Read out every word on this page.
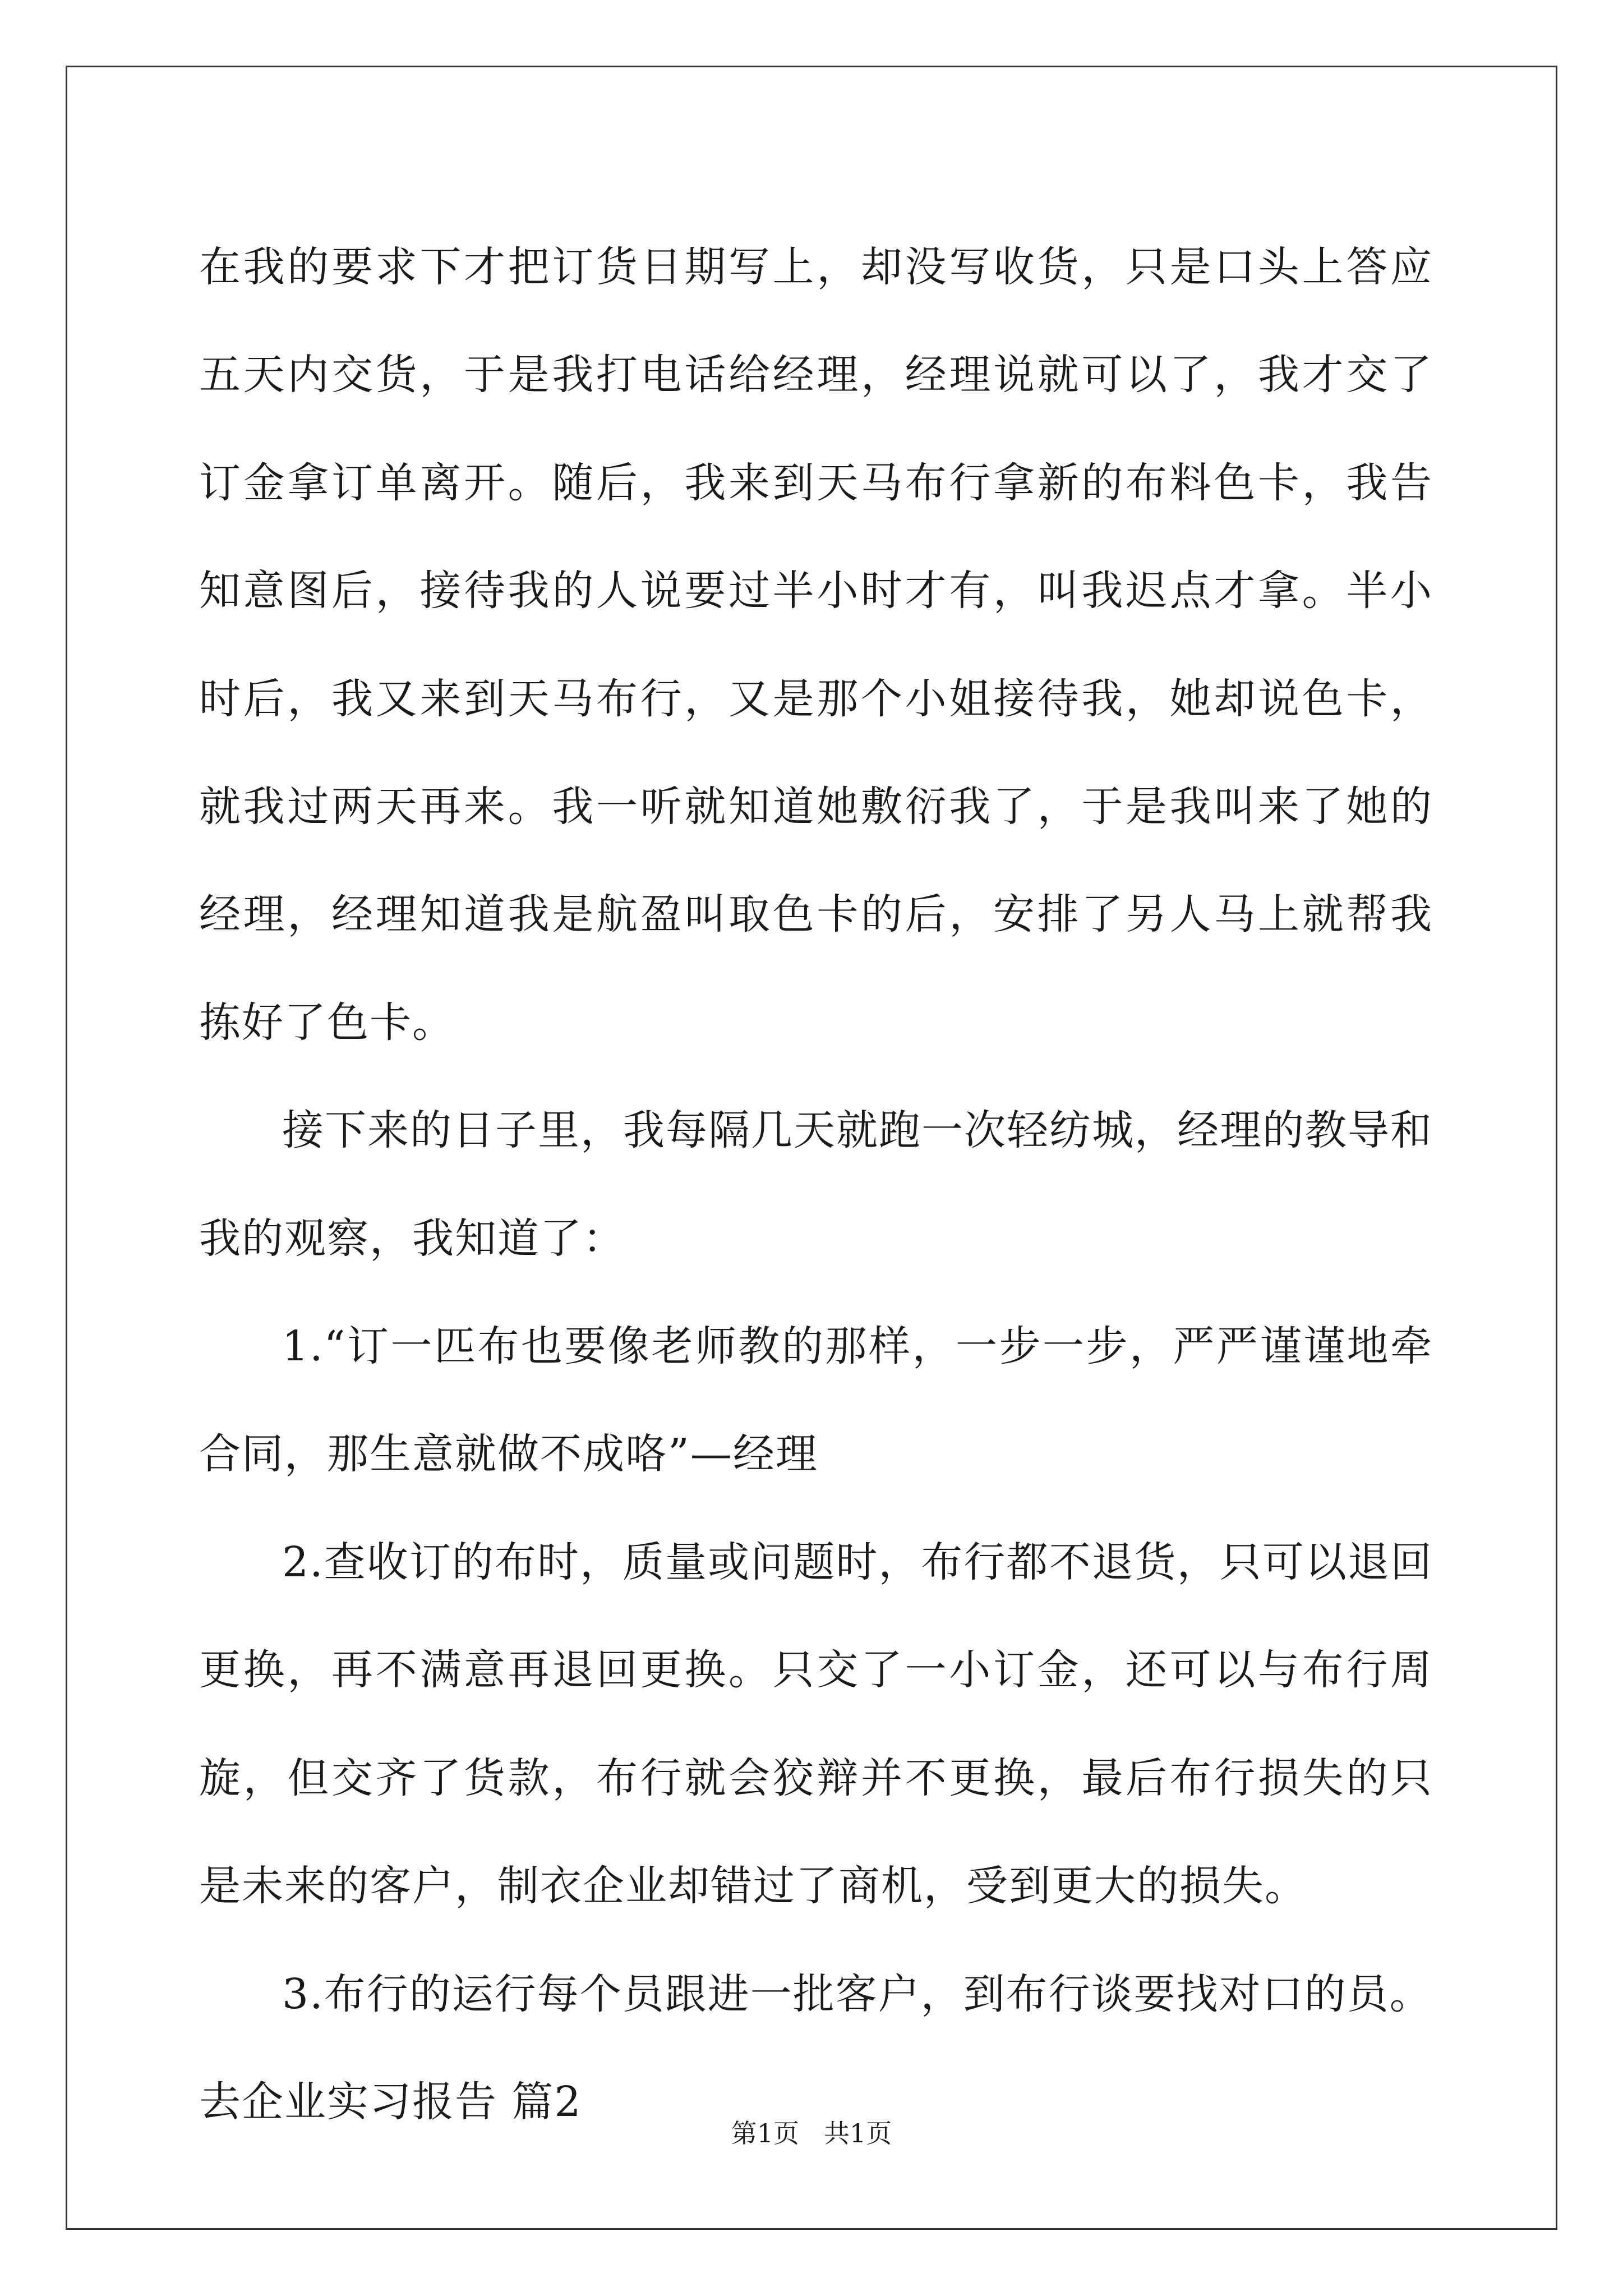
在我的要求下才把订货日期写上，却没写收货，只是口头上答应五天内交货，于是我打电话给经理，经理说就可以了，我才交了订金拿订单离开。随后，我来到天马布行拿新的布料色卡，我告知意图后，接待我的人说要过半小时才有，叫我迟点才拿。半小时后，我又来到天马布行，又是那个小姐接待我，她却说色卡，就我过两天再来。我一听就知道她敷衍我了，于是我叫来了她的经理，经理知道我是航盈叫取色卡的后，安排了另人马上就帮我拣好了色卡。

接下来的日子里，我每隔几天就跑一次轻纺城，经理的教导和我的观察，我知道了：

1.“订一匹布也要像老师教的那样，一步一步，严严谨谨地牵合同，那生意就做不成咯”—经理

2.查收订的布时，质量或问题时，布行都不退货，只可以退回更换，再不满意再退回更换。只交了一小订金，还可以与布行周旋，但交齐了货款，布行就会狡辩并不更换，最后布行损失的只是未来的客户，制衣企业却错过了商机，受到更大的损失。

3.布行的运行每个员跟进一批客户，到布行谈要找对口的员。

去企业实习报告 篇2

第1页 共1页
